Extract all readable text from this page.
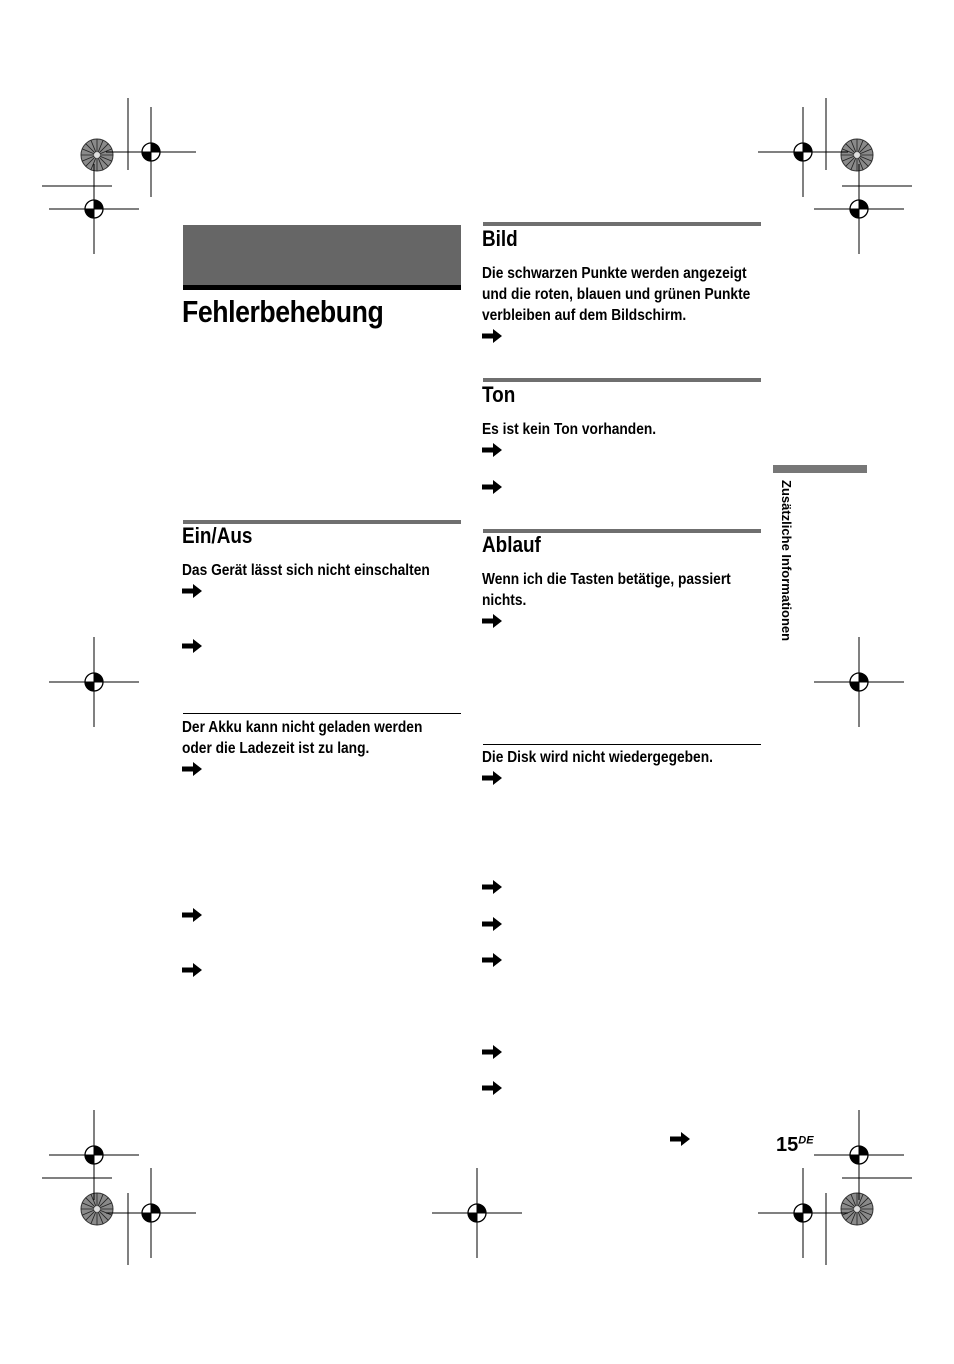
Fehlerbehebung
Ein/Aus
Das Gerät lässt sich nicht einschalten
Der Akku kann nicht geladen werden
oder die Ladezeit ist zu lang.
Bild
Die schwarzen Punkte werden angezeigt
und die roten, blauen und grünen Punkte
verbleiben auf dem Bildschirm.
Ton
Es ist kein Ton vorhanden.
Ablauf
Wenn ich die Tasten betätige, passiert
nichts.
Die Disk wird nicht wiedergegeben.
Zusätzliche Informationen
15DE
